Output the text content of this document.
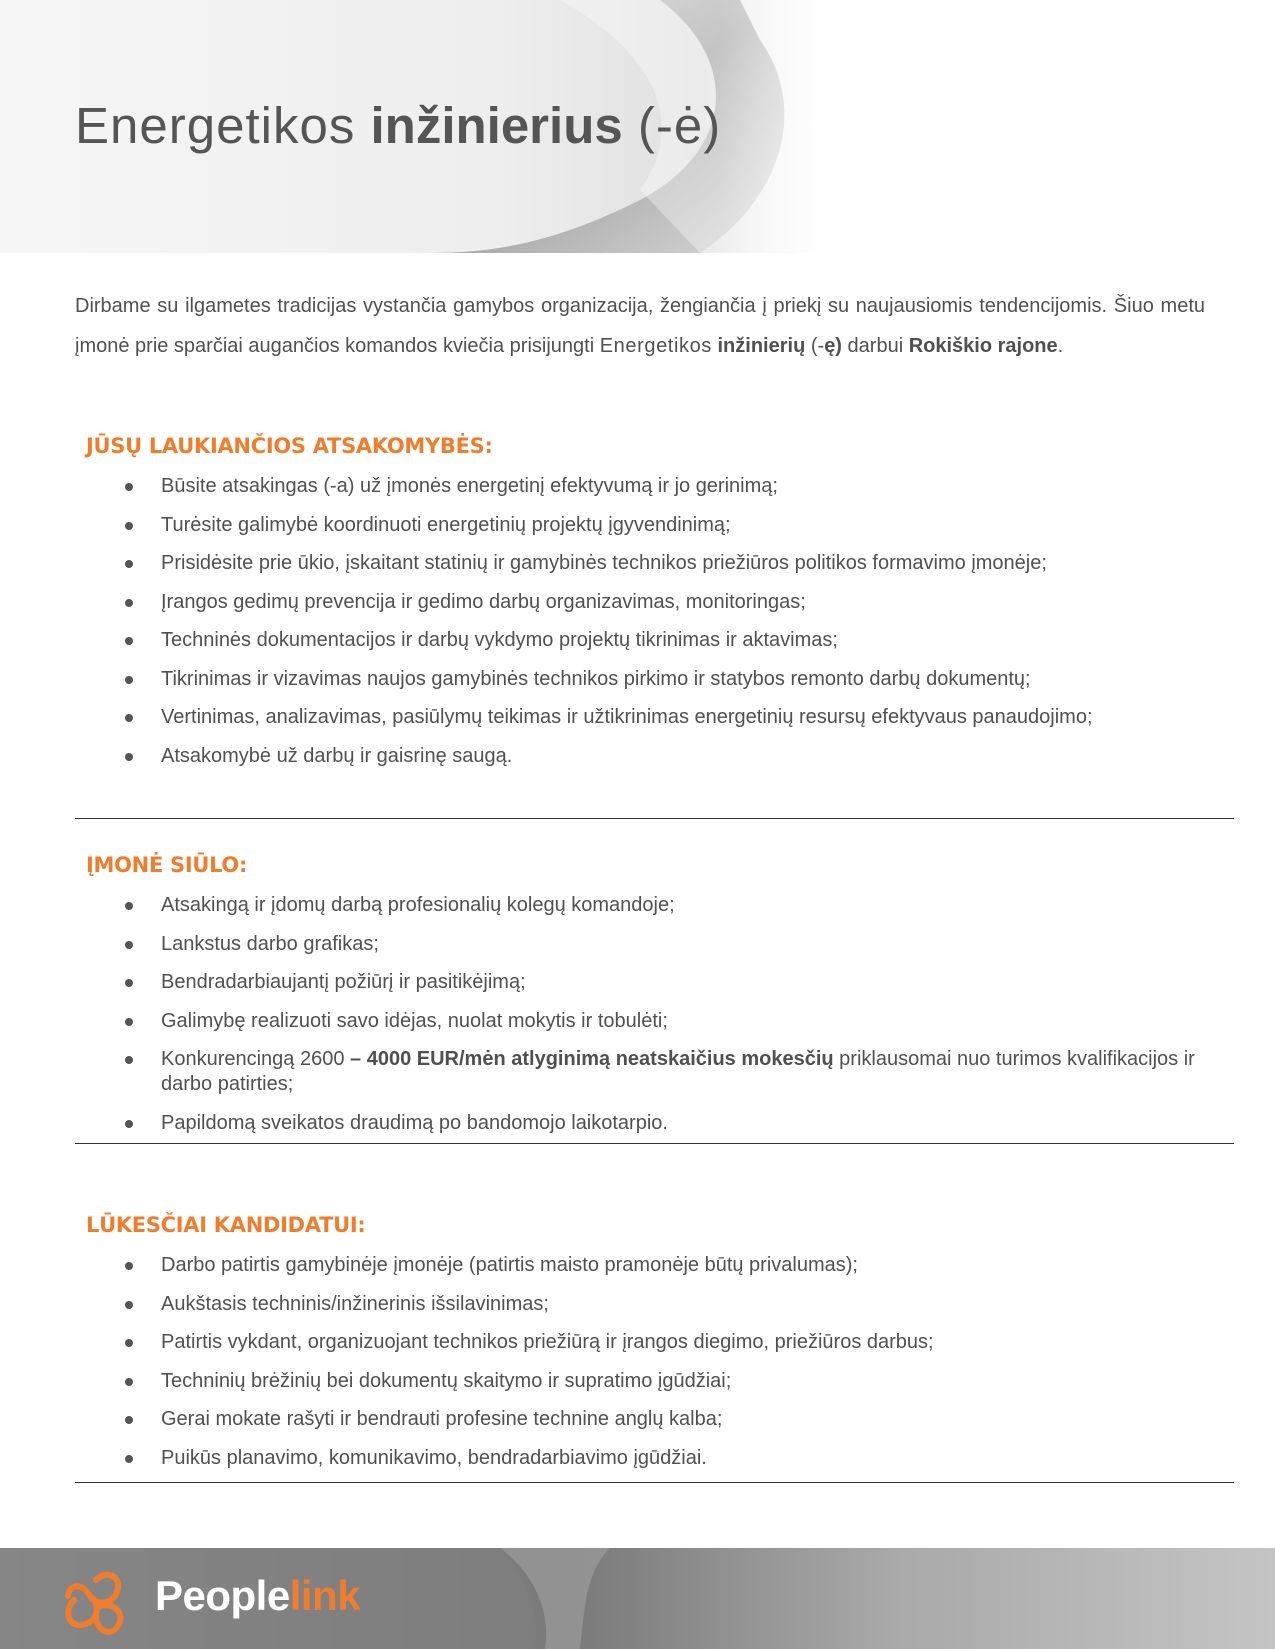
Energetikos inžinierius (-ė)

Dirbame su ilgametes tradicijas vystančia gamybos organizacija, žengiančia į priekį su naujausiomis tendencijomis. Šiuo metu įmonė prie sparčiai augančios komandos kviečia prisijungti Energetikos inžinierių (-ę) darbui Rokiškio rajone.

JŪSŲ LAUKIANČIOS ATSAKOMYBĖS:
Būsite atsakingas (-a) už įmonės energetinį efektyvumą ir jo gerinimą;
Turėsite galimybė koordinuoti energetinių projektų įgyvendinimą;
Prisidėsite prie ūkio, įskaitant statinių ir gamybinės technikos priežiūros politikos formavimo įmonėje;
Įrangos gedimų prevencija ir gedimo darbų organizavimas, monitoringas;
Techninės dokumentacijos ir darbų vykdymo projektų tikrinimas ir aktavimas;
Tikrinimas ir vizavimas naujos gamybinės technikos pirkimo ir statybos remonto darbų dokumentų;
Vertinimas, analizavimas, pasiūlymų teikimas ir užtikrinimas energetinių resursų efektyvaus panaudojimo;
Atsakomybė už darbų ir gaisrinę saugą.
ĮMONĖ SIŪLO:
Atsakingą ir įdomų darbą profesionalių kolegų komandoje;
Lankstus darbo grafikas;
Bendradarbiaujantį požiūrį ir pasitikėjimą;
Galimybę realizuoti savo idėjas, nuolat mokytis ir tobulėti;
Konkurencingą 2600 – 4000 EUR/mėn atlyginimą neatskaičius mokesčių priklausomai nuo turimos kvalifikacijos ir darbo patirties;
Papildomą sveikatos draudimą po bandomojo laikotarpio.
LŪKESČIAI KANDIDATUI:
Darbo patirtis gamybinėje įmonėje (patirtis maisto pramonėje būtų privalumas);
Aukštasis techninis/inžinerinis išsilavinimas;
Patirtis vykdant, organizuojant technikos priežiūrą ir įrangos diegimo, priežiūros darbus;
Techninių brėžinių bei dokumentų skaitymo ir supratimo įgūdžiai;
Gerai mokate rašyti ir bendrauti profesine technine anglų kalba;
Puikūs planavimo, komunikavimo, bendradarbiavimo įgūdžiai.
Peoplelink
